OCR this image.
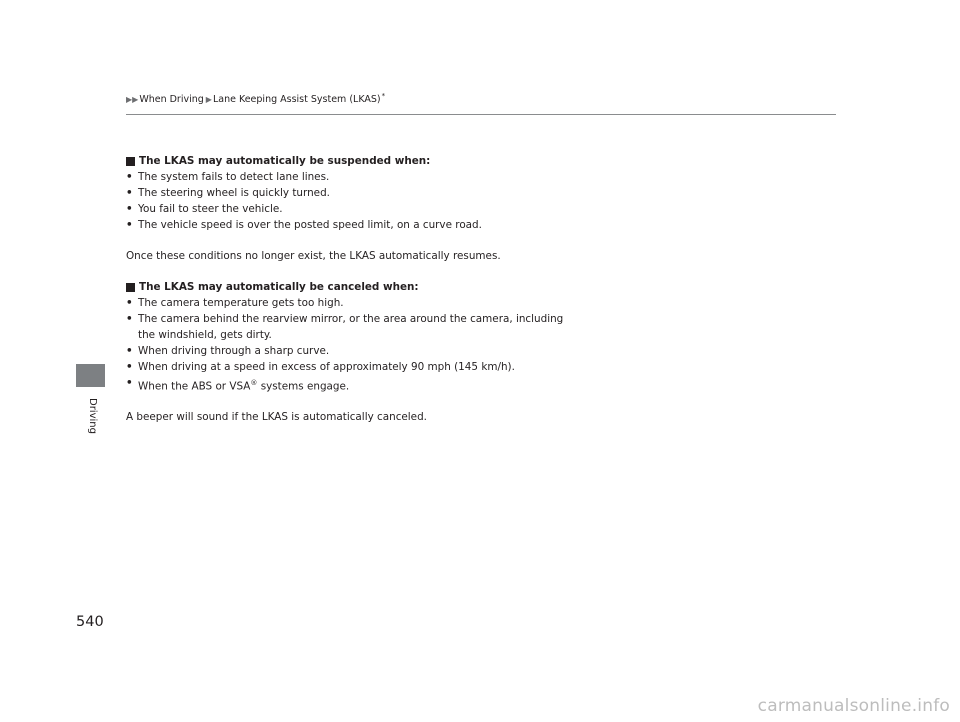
▶▶ When Driving ▶ Lane Keeping Assist System (LKAS) *
Driving
The LKAS may automatically be suspended when:
• The system fails to detect lane lines.
• The steering wheel is quickly turned.
• You fail to steer the vehicle.
• The vehicle speed is over the posted speed limit, on a curve road.
Once these conditions no longer exist, the LKAS automatically resumes.
The LKAS may automatically be canceled when:
• The camera temperature gets too high.
• The camera behind the rearview mirror, or the area around the camera, including
the windshield, gets dirty.
• When driving through a sharp curve.
• When driving at a speed in excess of approximately 90 mph (145 km/h).
• When the ABS or VSA® systems engage.
A beeper will sound if the LKAS is automatically canceled.
540
carmanualsonline.info
